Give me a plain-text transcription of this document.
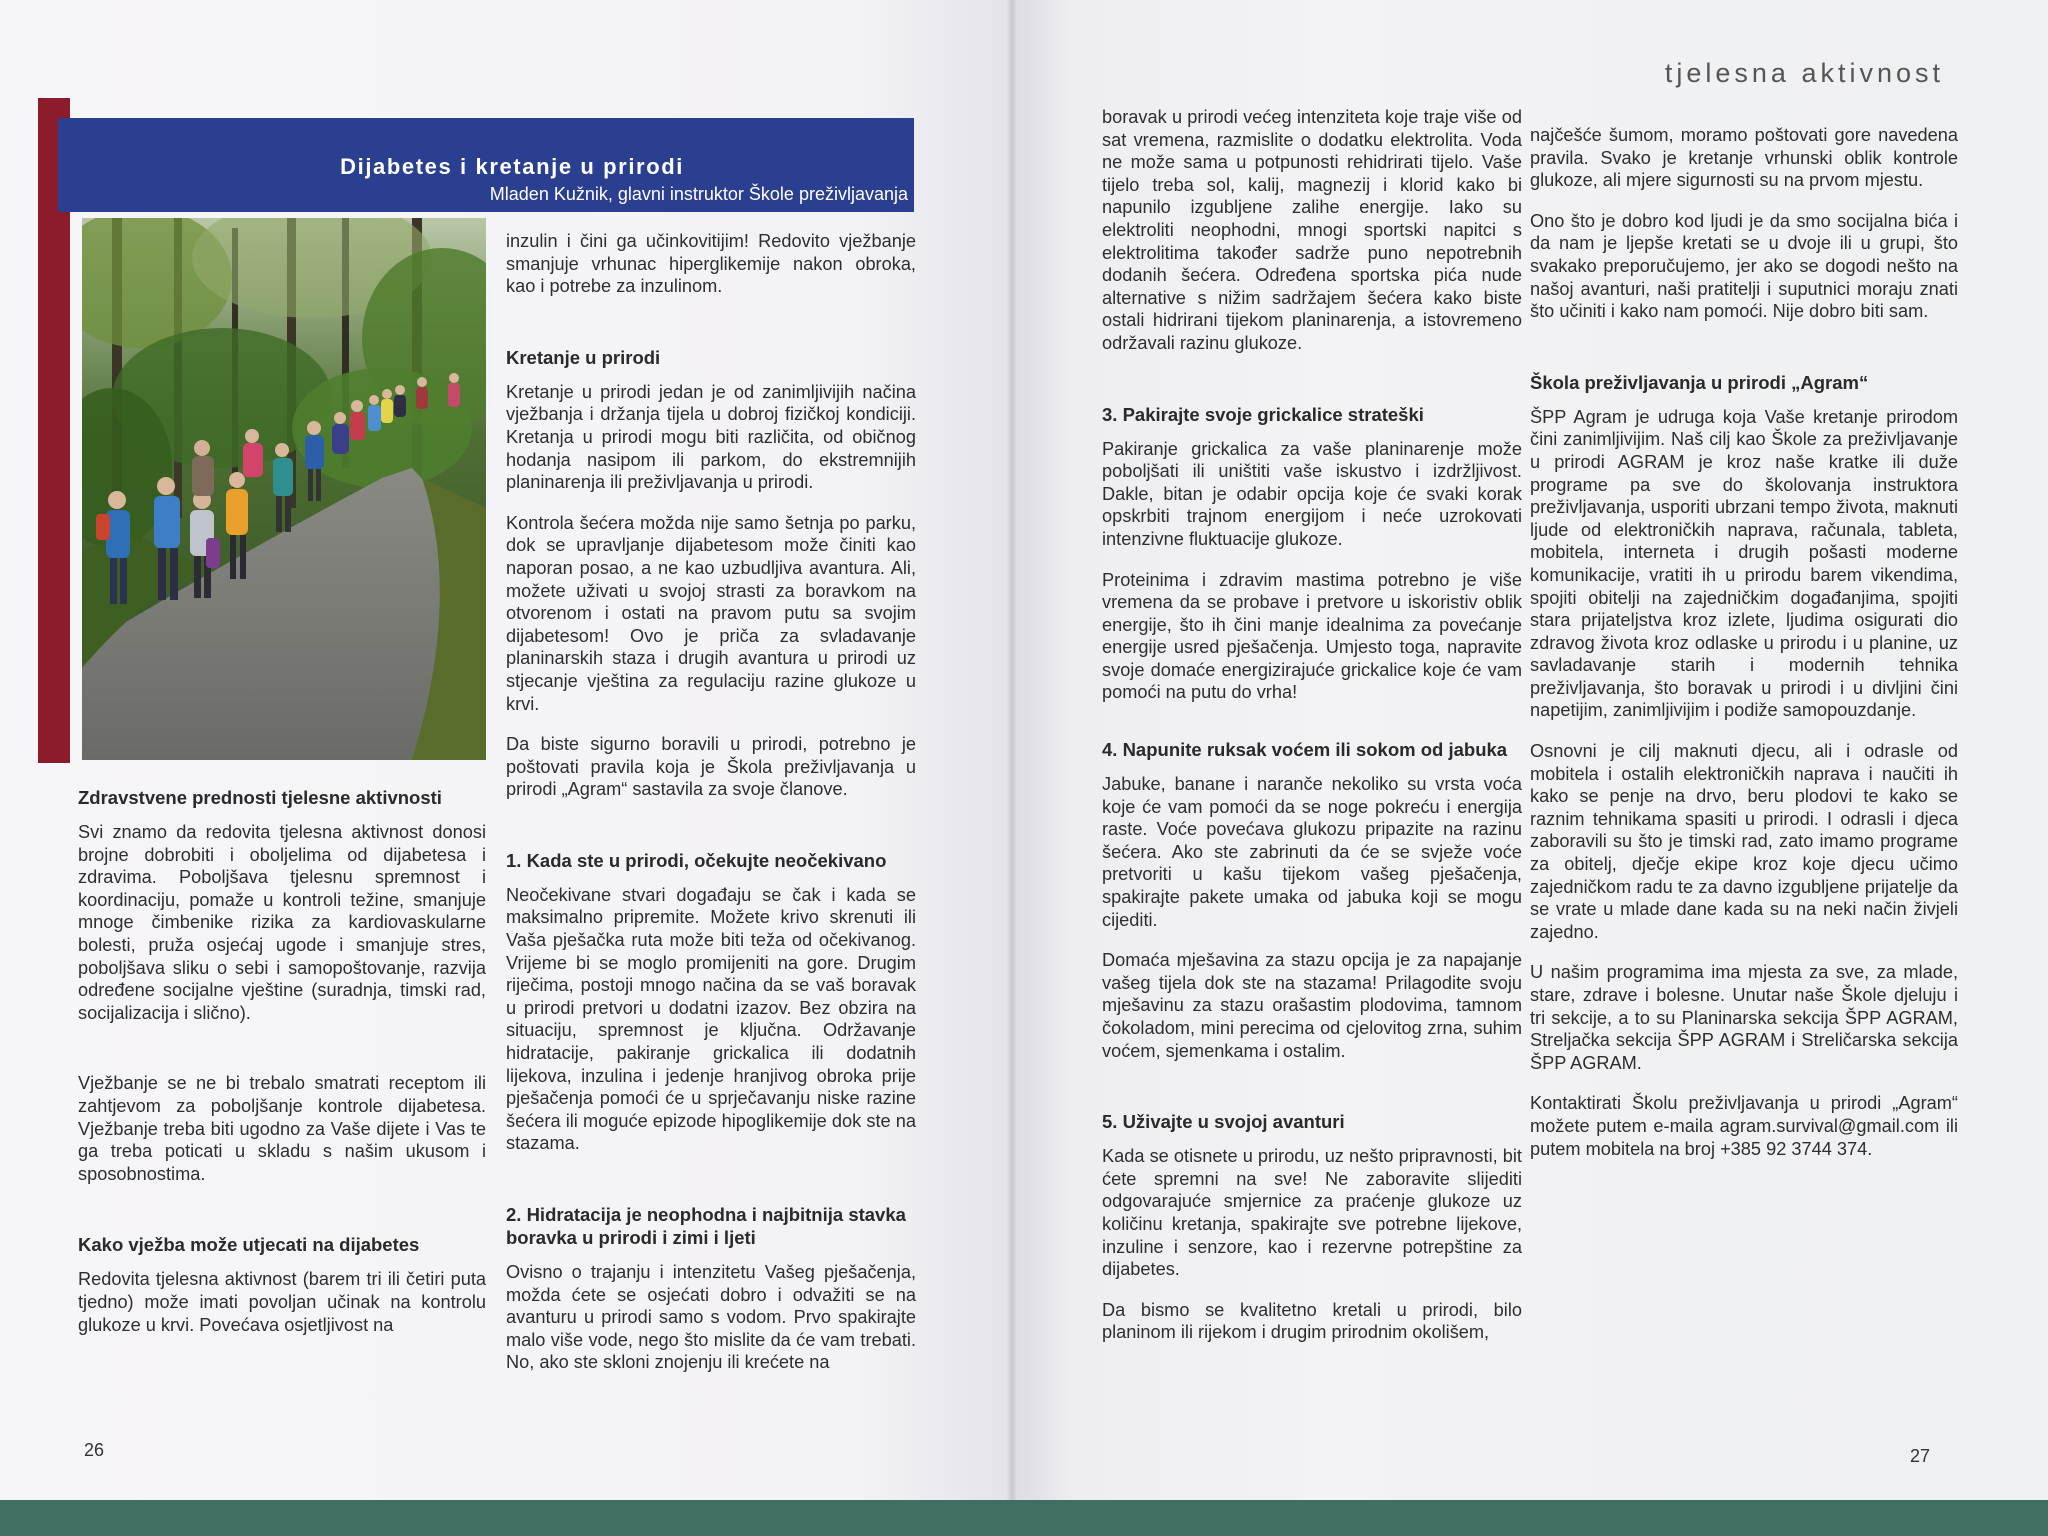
Dijabetes i kretanje u prirodi
Mladen Kužnik, glavni instruktor Škole preživljavanja

Zdravstvene prednosti tjelesne aktivnosti

Svi znamo da redovita tjelesna aktivnost donosi brojne dobrobiti i oboljelima od dijabetesa i zdravima. Poboljšava tjelesnu spremnost i koordinaciju, pomaže u kontroli težine, smanjuje mnoge čimbenike rizika za kardiovaskularne bolesti, pruža osjećaj ugode i smanjuje stres, poboljšava sliku o sebi i samopoštovanje, razvija određene socijalne vještine (suradnja, timski rad, socijalizacija i slično).

Vježbanje se ne bi trebalo smatrati receptom ili zahtjevom za poboljšanje kontrole dijabetesa. Vježbanje treba biti ugodno za Vaše dijete i Vas te ga treba poticati u skladu s našim ukusom i sposobnostima.

Kako vježba može utjecati na dijabetes

Redovita tjelesna aktivnost (barem tri ili četiri puta tjedno) može imati povoljan učinak na kontrolu glukoze u krvi. Povećava osjetljivost na

inzulin i čini ga učinkovitijim! Redovito vježbanje smanjuje vrhunac hiperglikemije nakon obroka, kao i potrebe za inzulinom.

Kretanje u prirodi

Kretanje u prirodi jedan je od zanimljivijih načina vježbanja i držanja tijela u dobroj fizičkoj kondiciji. Kretanja u prirodi mogu biti različita, od običnog hodanja nasipom ili parkom, do ekstremnijih planinarenja ili preživljavanja u prirodi.

Kontrola šećera možda nije samo šetnja po parku, dok se upravljanje dijabetesom može činiti kao naporan posao, a ne kao uzbudljiva avantura. Ali, možete uživati u svojoj strasti za boravkom na otvorenom i ostati na pravom putu sa svojim dijabetesom! Ovo je priča za svladavanje planinarskih staza i drugih avantura u prirodi uz stjecanje vještina za regulaciju razine glukoze u krvi.

Da biste sigurno boravili u prirodi, potrebno je poštovati pravila koja je Škola preživljavanja u prirodi „Agram“ sastavila za svoje članove.

1. Kada ste u prirodi, očekujte neočekivano

Neočekivane stvari događaju se čak i kada se maksimalno pripremite. Možete krivo skrenuti ili Vaša pješačka ruta može biti teža od očekivanog. Vrijeme bi se moglo promijeniti na gore. Drugim riječima, postoji mnogo načina da se vaš boravak u prirodi pretvori u dodatni izazov. Bez obzira na situaciju, spremnost je ključna. Održavanje hidratacije, pakiranje grickalica ili dodatnih lijekova, inzulina i jedenje hranjivog obroka prije pješačenja pomoći će u sprječavanju niske razine šećera ili moguće epizode hipoglikemije dok ste na stazama.

2. Hidratacija je neophodna i najbitnija stavka boravka u prirodi i zimi i ljeti

Ovisno o trajanju i intenzitetu Vašeg pješačenja, možda ćete se osjećati dobro i odvažiti se na avanturu u prirodi samo s vodom. Prvo spakirajte malo više vode, nego što mislite da će vam trebati. No, ako ste skloni znojenju ili krećete na

26
tjelesna aktivnost

boravak u prirodi većeg intenziteta koje traje više od sat vremena, razmislite o dodatku elektrolita. Voda ne može sama u potpunosti rehidrirati tijelo. Vaše tijelo treba sol, kalij, magnezij i klorid kako bi napunilo izgubljene zalihe energije. Iako su elektroliti neophodni, mnogi sportski napitci s elektrolitima također sadrže puno nepotrebnih dodanih šećera. Određena sportska pića nude alternative s nižim sadržajem šećera kako biste ostali hidrirani tijekom planinarenja, a istovremeno održavali razinu glukoze.

3. Pakirajte svoje grickalice strateški

Pakiranje grickalica za vaše planinarenje može poboljšati ili uništiti vaše iskustvo i izdržljivost. Dakle, bitan je odabir opcija koje će svaki korak opskrbiti trajnom energijom i neće uzrokovati intenzivne fluktuacije glukoze.

Proteinima i zdravim mastima potrebno je više vremena da se probave i pretvore u iskoristiv oblik energije, što ih čini manje idealnima za povećanje energije usred pješačenja. Umjesto toga, napravite svoje domaće energizirajuće grickalice koje će vam pomoći na putu do vrha!

4. Napunite ruksak voćem ili sokom od jabuka

Jabuke, banane i naranče nekoliko su vrsta voća koje će vam pomoći da se noge pokreću i energija raste. Voće povećava glukozu pripazite na razinu šećera. Ako ste zabrinuti da će se svježe voće pretvoriti u kašu tijekom vašeg pješačenja, spakirajte pakete umaka od jabuka koji se mogu cijediti.

Domaća mješavina za stazu opcija je za napajanje vašeg tijela dok ste na stazama! Prilagodite svoju mješavinu za stazu orašastim plodovima, tamnom čokoladom, mini perecima od cjelovitog zrna, suhim voćem, sjemenkama i ostalim.

5. Uživajte u svojoj avanturi

Kada se otisnete u prirodu, uz nešto pripravnosti, bit ćete spremni na sve! Ne zaboravite slijediti odgovarajuće smjernice za praćenje glukoze uz količinu kretanja, spakirajte sve potrebne lijekove, inzuline i senzore, kao i rezervne potrepštine za dijabetes.

Da bismo se kvalitetno kretali u prirodi, bilo planinom ili rijekom i drugim prirodnim okolišem,

najčešće šumom, moramo poštovati gore navedena pravila. Svako je kretanje vrhunski oblik kontrole glukoze, ali mjere sigurnosti su na prvom mjestu.

Ono što je dobro kod ljudi je da smo socijalna bića i da nam je ljepše kretati se u dvoje ili u grupi, što svakako preporučujemo, jer ako se dogodi nešto na našoj avanturi, naši pratitelji i suputnici moraju znati što učiniti i kako nam pomoći. Nije dobro biti sam.

Škola preživljavanja u prirodi „Agram“

ŠPP Agram je udruga koja Vaše kretanje prirodom čini zanimljivijim. Naš cilj kao Škole za preživljavanje u prirodi AGRAM je kroz naše kratke ili duže programe pa sve do školovanja instruktora preživljavanja, usporiti ubrzani tempo života, maknuti ljude od elektroničkih naprava, računala, tableta, mobitela, interneta i drugih pošasti moderne komunikacije, vratiti ih u prirodu barem vikendima, spojiti obitelji na zajedničkim događanjima, spojiti stara prijateljstva kroz izlete, ljudima osigurati dio zdravog života kroz odlaske u prirodu i u planine, uz savladavanje starih i modernih tehnika preživljavanja, što boravak u prirodi i u divljini čini napetijim, zanimljivijim i podiže samopouzdanje.

Osnovni je cilj maknuti djecu, ali i odrasle od mobitela i ostalih elektroničkih naprava i naučiti ih kako se penje na drvo, beru plodovi te kako se raznim tehnikama spasiti u prirodi. I odrasli i djeca zaboravili su što je timski rad, zato imamo programe za obitelj, dječje ekipe kroz koje djecu učimo zajedničkom radu te za davno izgubljene prijatelje da se vrate u mlade dane kada su na neki način živjeli zajedno.

U našim programima ima mjesta za sve, za mlade, stare, zdrave i bolesne. Unutar naše Škole djeluju i tri sekcije, a to su Planinarska sekcija ŠPP AGRAM, Streljačka sekcija ŠPP AGRAM i Streličarska sekcija ŠPP AGRAM.

Kontaktirati Školu preživljavanja u prirodi „Agram“ možete putem e-maila agram.survival@gmail.com ili putem mobitela na broj +385 92 3744 374.

27
